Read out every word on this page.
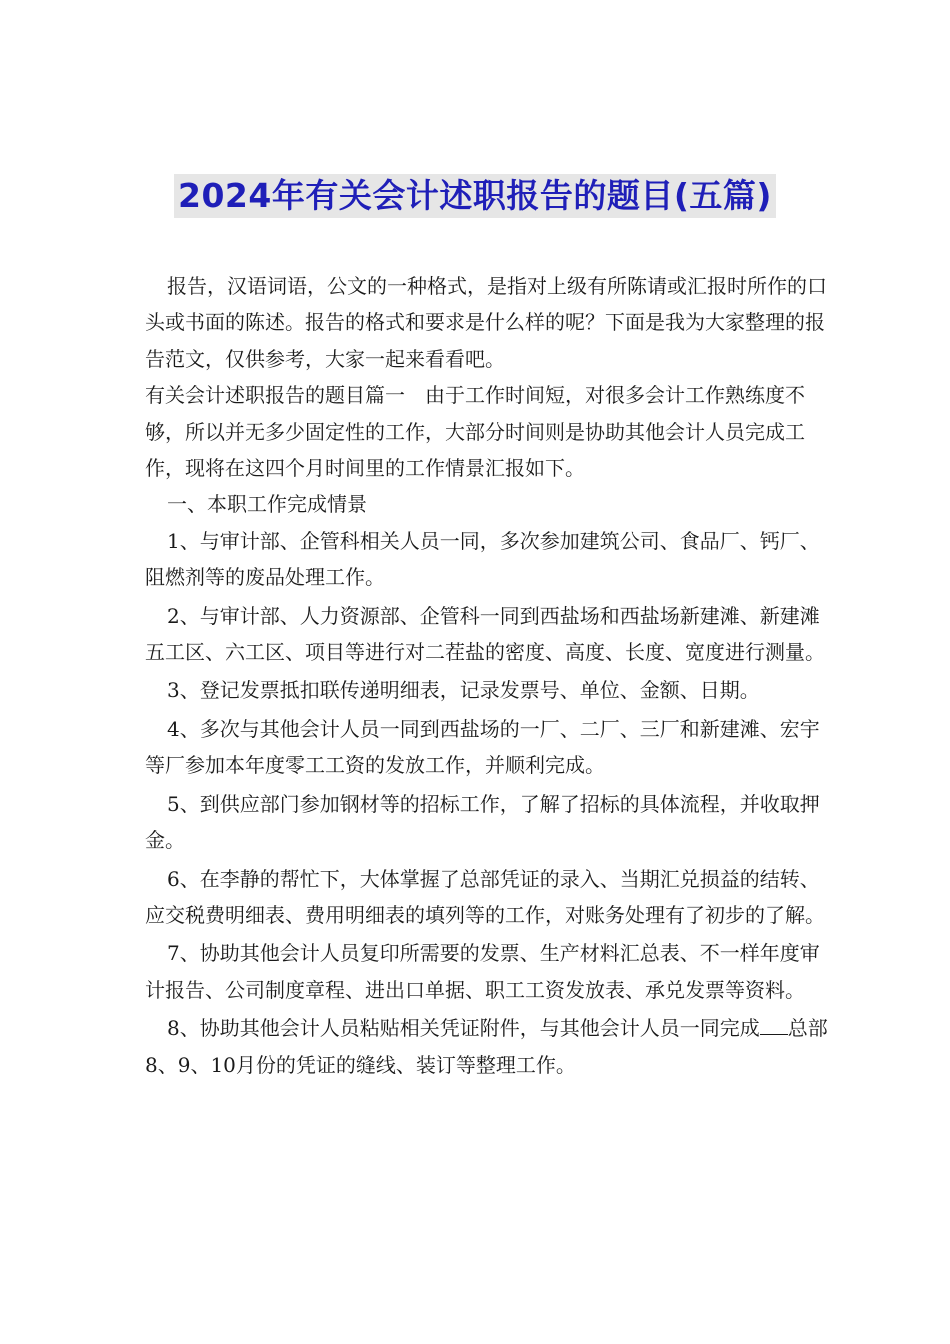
2024年有关会计述职报告的题目(五篇)

报告，汉语词语，公文的一种格式，是指对上级有所陈请或汇报时所作的口头或书面的陈述。报告的格式和要求是什么样的呢？下面是我为大家整理的报告范文，仅供参考，大家一起来看看吧。

有关会计述职报告的题目篇一　由于工作时间短，对很多会计工作熟练度不够，所以并无多少固定性的工作，大部分时间则是协助其他会计人员完成工作，现将在这四个月时间里的工作情景汇报如下。

一、本职工作完成情景

1、与审计部、企管科相关人员一同，多次参加建筑公司、食品厂、钙厂、阻燃剂等的废品处理工作。

2、与审计部、人力资源部、企管科一同到西盐场和西盐场新建滩、新建滩五工区、六工区、项目等进行对二茬盐的密度、高度、长度、宽度进行测量。

3、登记发票抵扣联传递明细表，记录发票号、单位、金额、日期。

4、多次与其他会计人员一同到西盐场的一厂、二厂、三厂和新建滩、宏宇等厂参加本年度零工工资的发放工作，并顺利完成。

5、到供应部门参加钢材等的招标工作，了解了招标的具体流程，并收取押金。

6、在李静的帮忙下，大体掌握了总部凭证的录入、当期汇兑损益的结转、应交税费明细表、费用明细表的填列等的工作，对账务处理有了初步的了解。

7、协助其他会计人员复印所需要的发票、生产材料汇总表、不一样年度审计报告、公司制度章程、进出口单据、职工工资发放表、承兑发票等资料。

8、协助其他会计人员粘贴相关凭证附件，与其他会计人员一同完成 总部8、9、10月份的凭证的缝线、装订等整理工作。
